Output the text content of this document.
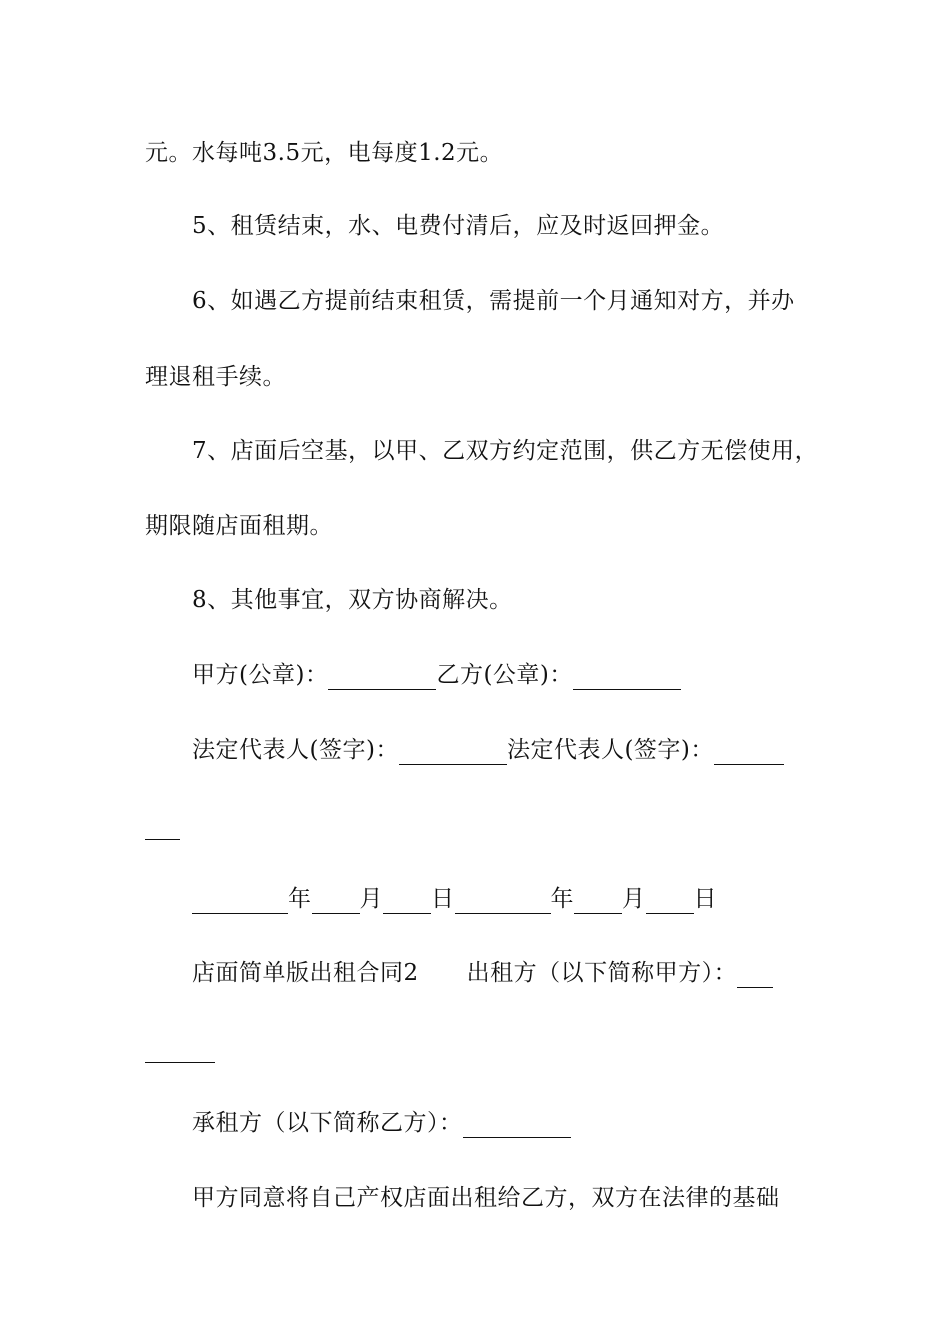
元。水每吨3.5元，电每度1.2元。
5、租赁结束，水、电费付清后，应及时返回押金。
6、如遇乙方提前结束租赁，需提前一个月通知对方，并办
理退租手续。
7、店面后空基，以甲、乙双方约定范围，供乙方无偿使用，
期限随店面租期。
8、其他事宜，双方协商解决。
甲方(公章)：	乙方(公章)：
法定代表人(签字)：	法定代表人(签字)：
年 月 日	年 月 日
店面简单版出租合同2 出租方（以下简称甲方）：
承租方（以下简称乙方）：
甲方同意将自己产权店面出租给乙方，双方在法律的基础
